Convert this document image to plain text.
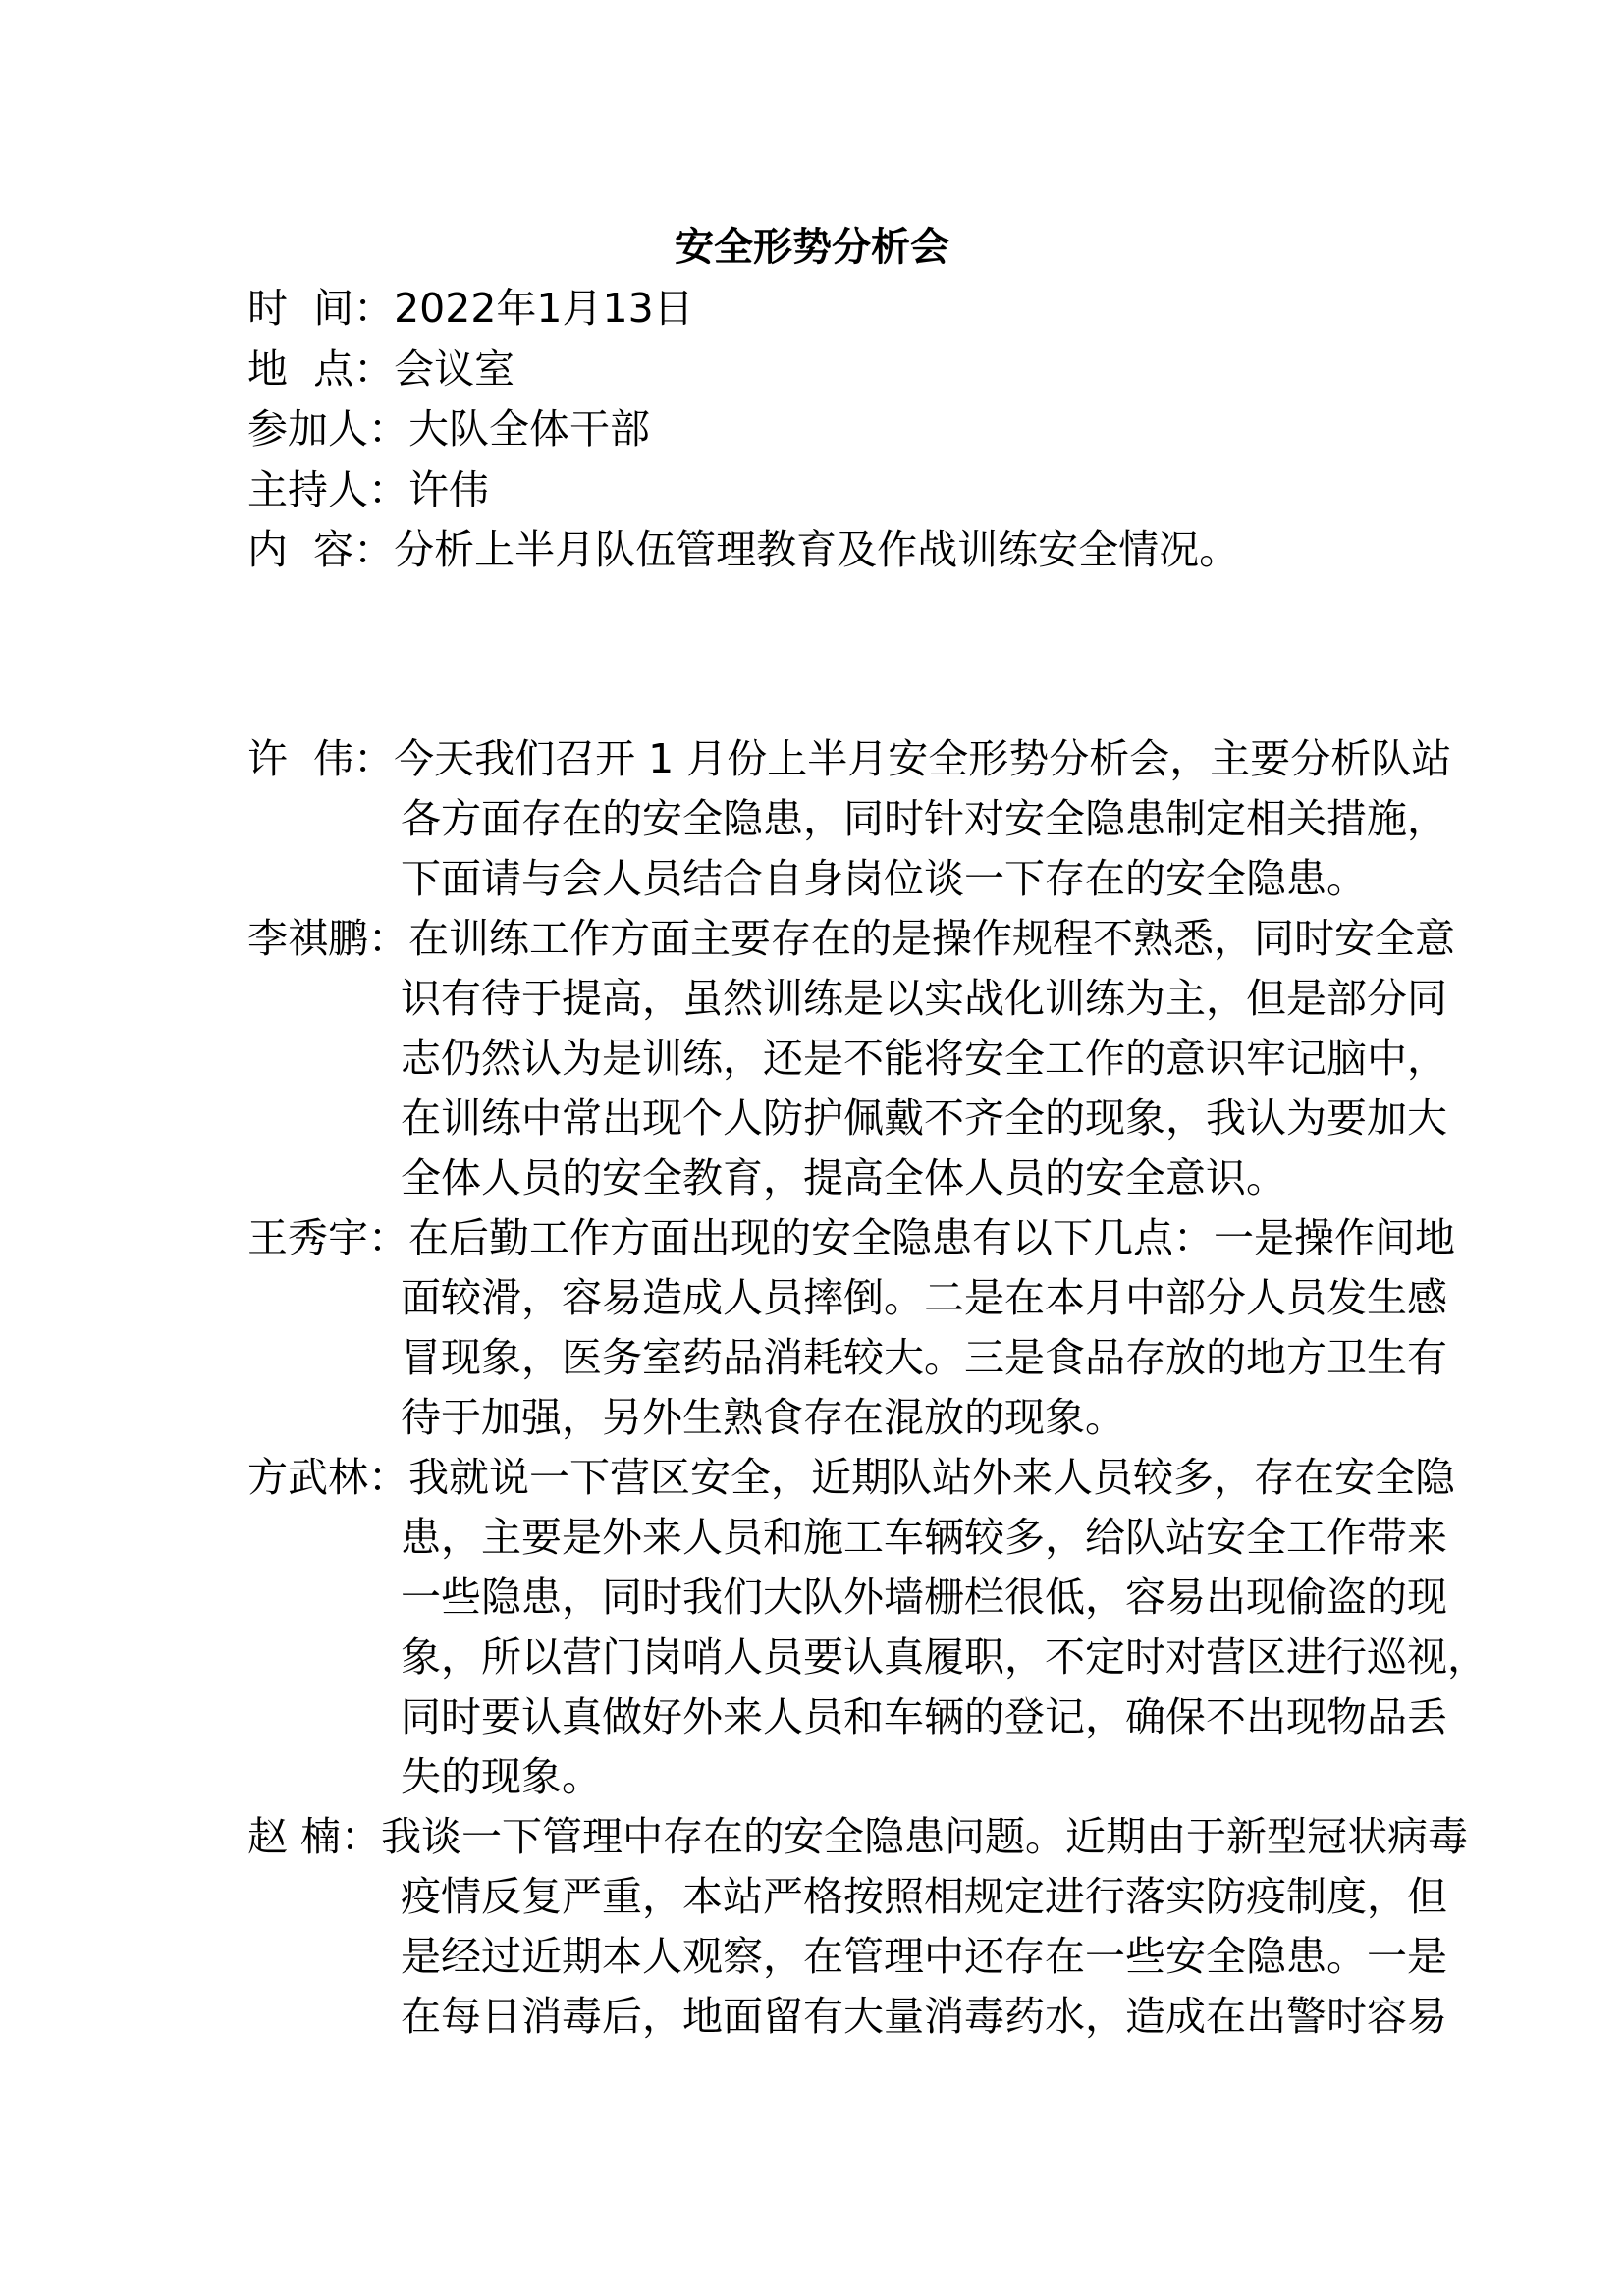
安全形势分析会
时  间：2022年1月13日
地  点：会议室
参加人：大队全体干部
主持人：许伟
内  容：分析上半月队伍管理教育及作战训练安全情况。
许  伟：今天我们召开 1 月份上半月安全形势分析会，主要分析队站
各方面存在的安全隐患，同时针对安全隐患制定相关措施，
下面请与会人员结合自身岗位谈一下存在的安全隐患。
李祺鹏：在训练工作方面主要存在的是操作规程不熟悉，同时安全意
识有待于提高，虽然训练是以实战化训练为主，但是部分同
志仍然认为是训练，还是不能将安全工作的意识牢记脑中，
在训练中常出现个人防护佩戴不齐全的现象，我认为要加大
全体人员的安全教育，提高全体人员的安全意识。
王秀宇：在后勤工作方面出现的安全隐患有以下几点：一是操作间地
面较滑，容易造成人员摔倒。二是在本月中部分人员发生感
冒现象，医务室药品消耗较大。三是食品存放的地方卫生有
待于加强，另外生熟食存在混放的现象。
方武林：我就说一下营区安全，近期队站外来人员较多，存在安全隐
患，主要是外来人员和施工车辆较多，给队站安全工作带来
一些隐患，同时我们大队外墙栅栏很低，容易出现偷盗的现
象，所以营门岗哨人员要认真履职，不定时对营区进行巡视，
同时要认真做好外来人员和车辆的登记，确保不出现物品丢
失的现象。
赵 楠：我谈一下管理中存在的安全隐患问题。近期由于新型冠状病毒
疫情反复严重，本站严格按照相规定进行落实防疫制度，但
是经过近期本人观察，在管理中还存在一些安全隐患。一是
在每日消毒后，地面留有大量消毒药水，造成在出警时容易
